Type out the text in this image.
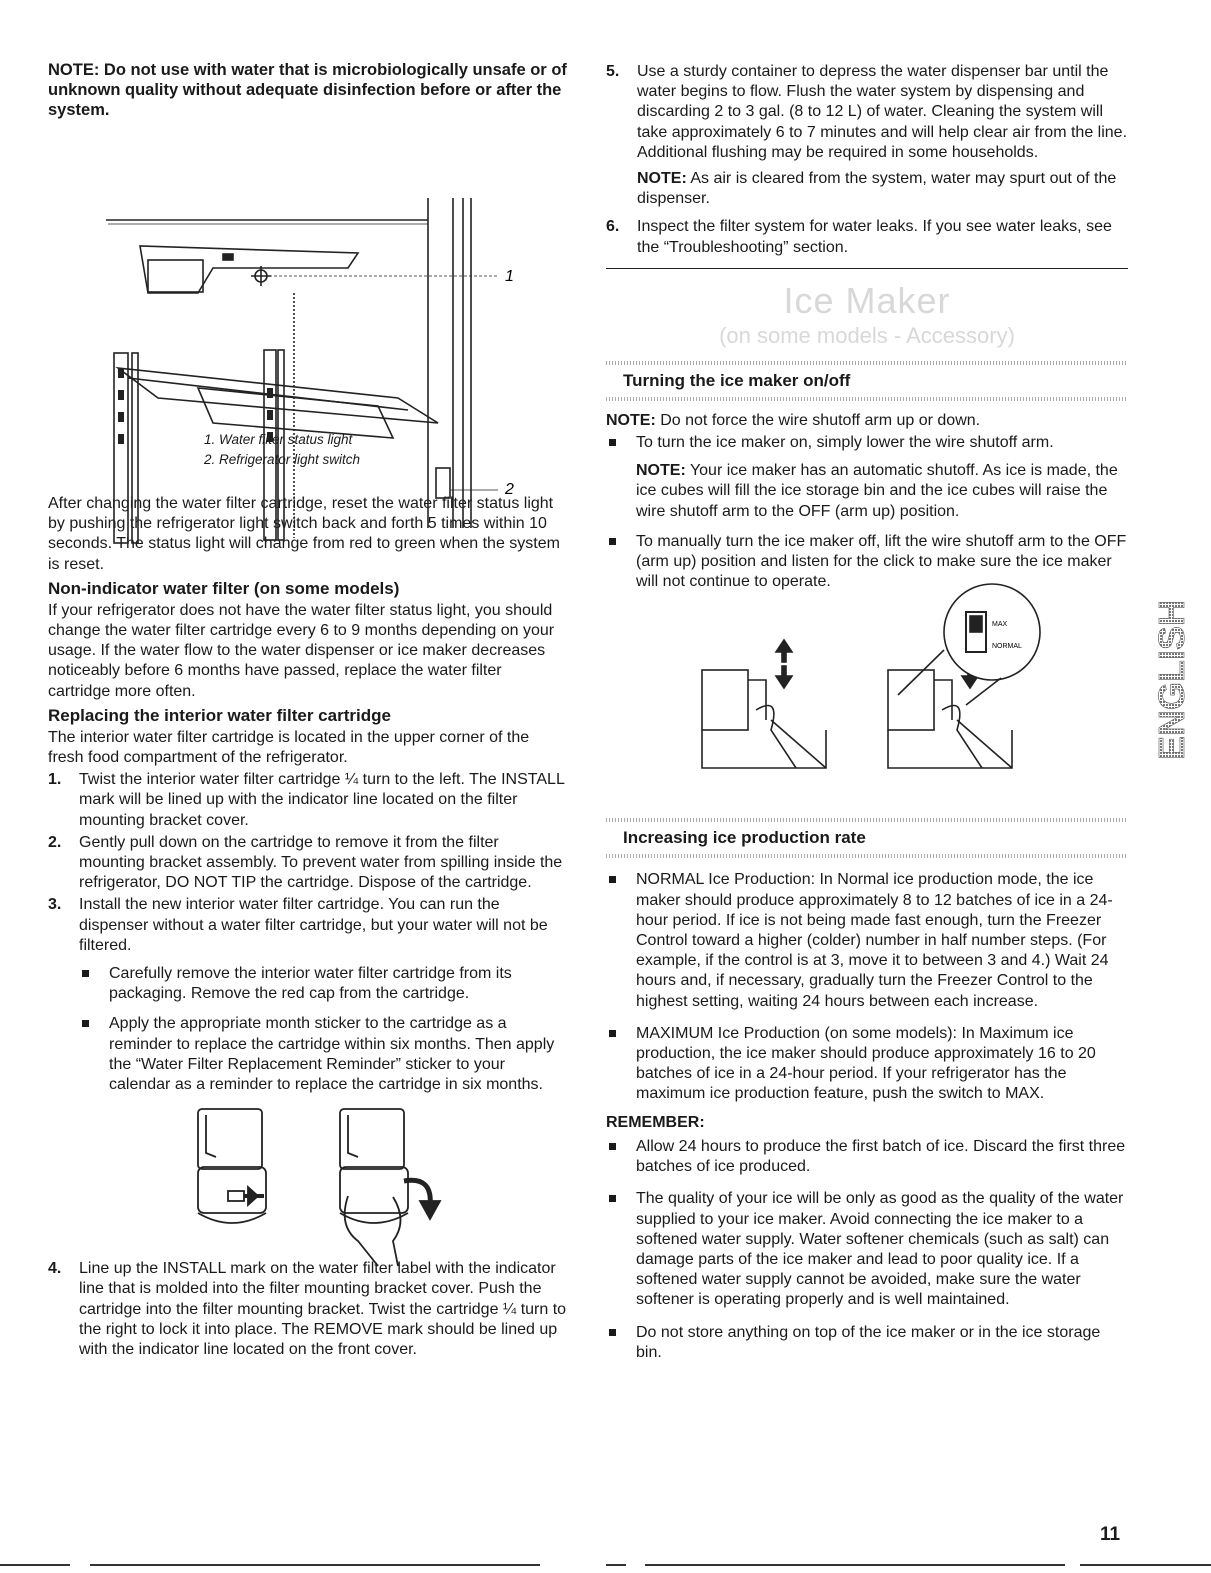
NOTE: Do not use with water that is microbiologically unsafe or of unknown quality without adequate disinfection before or after the system.

1
2
1. Water filter status light
2. Refrigerator light switch

After changing the water filter cartridge, reset the water filter status light by pushing the refrigerator light switch back and forth 5 times within 10 seconds. The status light will change from red to green when the system is reset.

Non-indicator water filter (on some models)

If your refrigerator does not have the water filter status light, you should change the water filter cartridge every 6 to 9 months depending on your usage. If the water flow to the water dispenser or ice maker decreases noticeably before 6 months have passed, replace the water filter cartridge more often.

Replacing the interior water filter cartridge

The interior water filter cartridge is located in the upper corner of the fresh food compartment of the refrigerator.

1.	Twist the interior water filter cartridge ¼ turn to the left. The INSTALL mark will be lined up with the indicator line located on the filter mounting bracket cover.
2.	Gently pull down on the cartridge to remove it from the filter mounting bracket assembly. To prevent water from spilling inside the refrigerator, DO NOT TIP the cartridge. Dispose of the cartridge.
3.	Install the new interior water filter cartridge. You can run the dispenser without a water filter cartridge, but your water will not be filtered.
Carefully remove the interior water filter cartridge from its packaging. Remove the red cap from the cartridge.
Apply the appropriate month sticker to the cartridge as a reminder to replace the cartridge within six months. Then apply the “Water Filter Replacement Reminder” sticker to your calendar as a reminder to replace the cartridge in six months.
4.	Line up the INSTALL mark on the water filter label with the indicator line that is molded into the filter mounting bracket cover. Push the cartridge into the filter mounting bracket. Twist the cartridge ¼ turn to the right to lock it into place. The REMOVE mark should be lined up with the indicator line located on the front cover.
5.	Use a sturdy container to depress the water dispenser bar until the water begins to flow. Flush the water system by dispensing and discarding 2 to 3 gal. (8 to 12 L) of water. Cleaning the system will take approximately 6 to 7 minutes and will help clear air from the line. Additional flushing may be required in some households.
NOTE: As air is cleared from the system, water may spurt out of the dispenser.
6.	Inspect the filter system for water leaks. If you see water leaks, see the “Troubleshooting” section.
Ice Maker
(on some models - Accessory)
Turning the ice maker on/off

NOTE: Do not force the wire shutoff arm up or down.

To turn the ice maker on, simply lower the wire shutoff arm.
NOTE: Your ice maker has an automatic shutoff. As ice is made, the ice cubes will fill the ice storage bin and the ice cubes will raise the wire shutoff arm to the OFF (arm up) position.
To manually turn the ice maker off, lift the wire shutoff arm to the OFF (arm up) position and listen for the click to make sure the ice maker will not continue to operate.
MAX
NORMAL
Increasing ice production rate
NORMAL Ice Production: In Normal ice production mode, the ice maker should produce approximately 8 to 12 batches of ice in a 24-hour period. If ice is not being made fast enough, turn the Freezer Control toward a higher (colder) number in half number steps. (For example, if the control is at 3, move it to between 3 and 4.) Wait 24 hours and, if necessary, gradually turn the Freezer Control to the highest setting, waiting 24 hours between each increase.
MAXIMUM Ice Production (on some models): In Maximum ice production, the ice maker should produce approximately 16 to 20 batches of ice in a 24-hour period. If your refrigerator has the maximum ice production feature, push the switch to MAX.

REMEMBER:

Allow 24 hours to produce the first batch of ice. Discard the first three batches of ice produced.
The quality of your ice will be only as good as the quality of the water supplied to your ice maker. Avoid connecting the ice maker to a softened water supply. Water softener chemicals (such as salt) can damage parts of the ice maker and lead to poor quality ice. If a softened water supply cannot be avoided, make sure the water softener is operating properly and is well maintained.
Do not store anything on top of the ice maker or in the ice storage bin.
ENGLISH
11
